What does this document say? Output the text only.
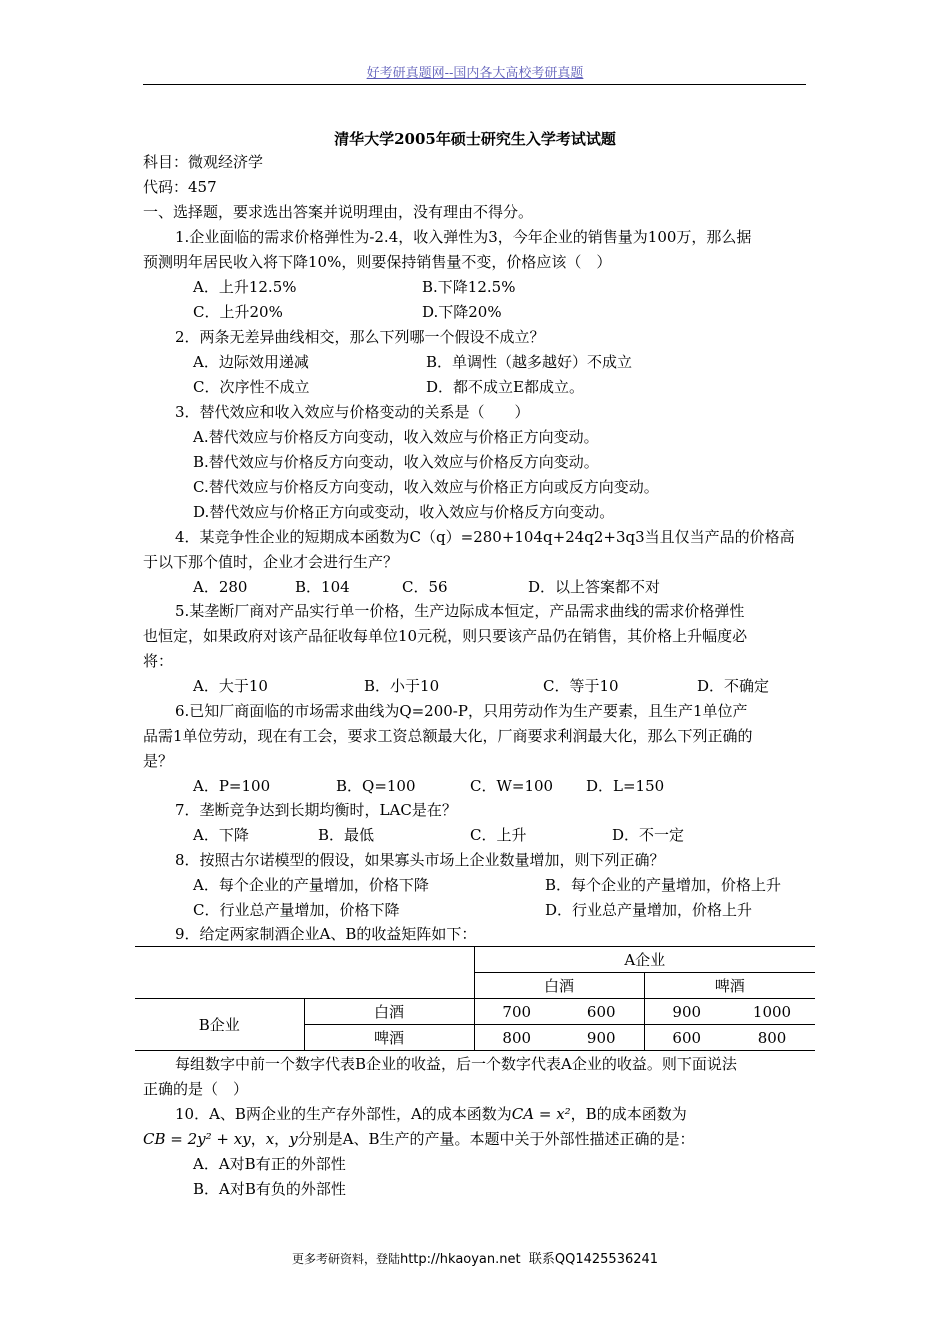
好考研真题网--国内各大高校考研真题
清华大学2005年硕士研究生入学考试试题
科目：微观经济学
代码：457
一、选择题，要求选出答案并说明理由，没有理由不得分。
1.企业面临的需求价格弹性为-2.4，收入弹性为3，今年企业的销售量为100万，那么据
预测明年居民收入将下降10%，则要保持销售量不变，价格应该（　）
A．上升12.5%	B.下降12.5%
C．上升20%	D.下降20%
2．两条无差异曲线相交，那么下列哪一个假设不成立？
A．边际效用递减	B．单调性（越多越好）不成立
C．次序性不成立	D．都不成立E都成立。
3．替代效应和收入效应与价格变动的关系是（　　）
A.替代效应与价格反方向变动，收入效应与价格正方向变动。
B.替代效应与价格反方向变动，收入效应与价格反方向变动。
C.替代效应与价格反方向变动，收入效应与价格正方向或反方向变动。
D.替代效应与价格正方向或变动，收入效应与价格反方向变动。
4．某竞争性企业的短期成本函数为C（q）=280+104q+24q2+3q3当且仅当产品的价格高
于以下那个值时，企业才会进行生产？
A．280	B．104	C．56	D．以上答案都不对
5.某垄断厂商对产品实行单一价格，生产边际成本恒定，产品需求曲线的需求价格弹性
也恒定，如果政府对该产品征收每单位10元税，则只要该产品仍在销售，其价格上升幅度必
将：
A．大于10	B．小于10	C．等于10	D．不确定
6.已知厂商面临的市场需求曲线为Q=200-P，只用劳动作为生产要素，且生产1单位产
品需1单位劳动，现在有工会，要求工资总额最大化，厂商要求利润最大化，那么下列正确的
是？
A．P=100	B．Q=100	C．W=100 D．L=150
7．垄断竞争达到长期均衡时，LAC是在？
A．下降	B．最低	C．上升	D．不一定
8．按照古尔诺模型的假设，如果寡头市场上企业数量增加，则下列正确？
A．每个企业的产量增加，价格下降	B．每个企业的产量增加，价格上升
C．行业总产量增加，价格下降	D．行业总产量增加，价格上升
9．给定两家制酒企业A、B的收益矩阵如下：
		A企业			
		白酒		啤酒	
B企业	白酒	700	600	900	1000
	啤酒	800	900	600	800
每组数字中前一个数字代表B企业的收益，后一个数字代表A企业的收益。则下面说法
正确的是（　）
10．A、B两企业的生产存外部性，A的成本函数为CA = x²，B的成本函数为
CB = 2y² + xy，x，y分别是A、B生产的产量。本题中关于外部性描述正确的是：
A．A对B有正的外部性
B．A对B有负的外部性
更多考研资料，登陆http://hkaoyan.net 联系QQ1425536241
